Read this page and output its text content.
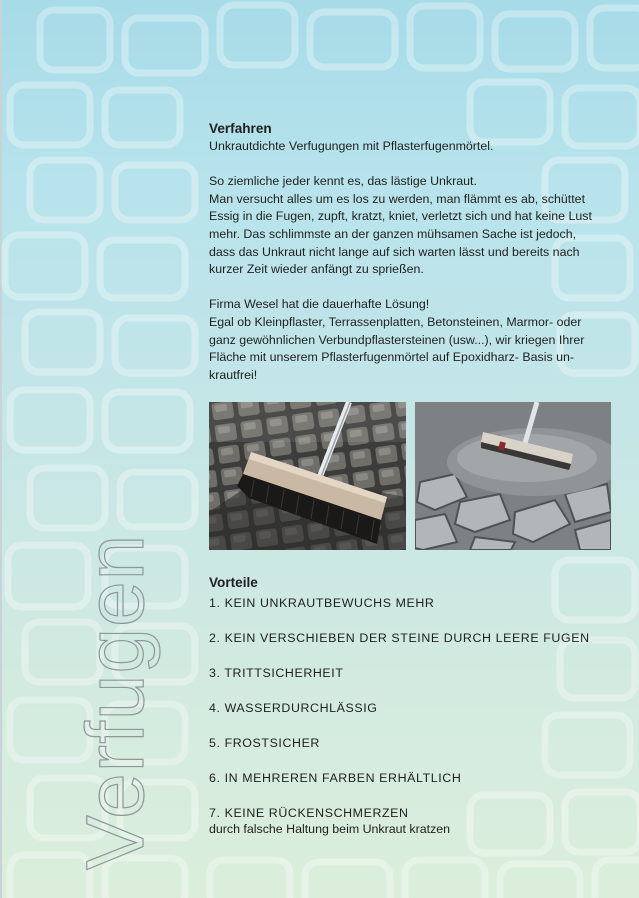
Verfugen
Verfahren

Unkrautdichte Verfugungen mit Pflasterfugenmörtel.

So ziemliche jeder kennt es, das lästige Unkraut.

Man versucht alles um es los zu werden, man flämmt es ab, schüttet

Essig in die Fugen, zupft, kratzt, kniet, verletzt sich und hat keine Lust

mehr. Das schlimmste an der ganzen mühsamen Sache ist jedoch,

dass das Unkraut nicht lange auf sich warten lässt und bereits nach

kurzer Zeit wieder anfängt zu sprießen.

Firma Wesel hat die dauerhafte Lösung!

Egal ob Kleinpflaster, Terrassenplatten, Betonsteinen, Marmor- oder

ganz gewöhnlichen Verbundpflastersteinen (usw...), wir kriegen Ihrer

Fläche mit unserem Pflasterfugenmörtel auf Epoxidharz- Basis un-

krautfrei!

Vorteile
1. KEIN UNKRAUTBEWUCHS MEHR
2. KEIN VERSCHIEBEN DER STEINE DURCH LEERE FUGEN
3. TRITTSICHERHEIT
4. WASSERDURCHLÄSSIG
5. FROSTSICHER
6. IN MEHREREN FARBEN ERHÄLTLICH
7. KEINE RÜCKENSCHMERZEN
durch falsche Haltung beim Unkraut kratzen
